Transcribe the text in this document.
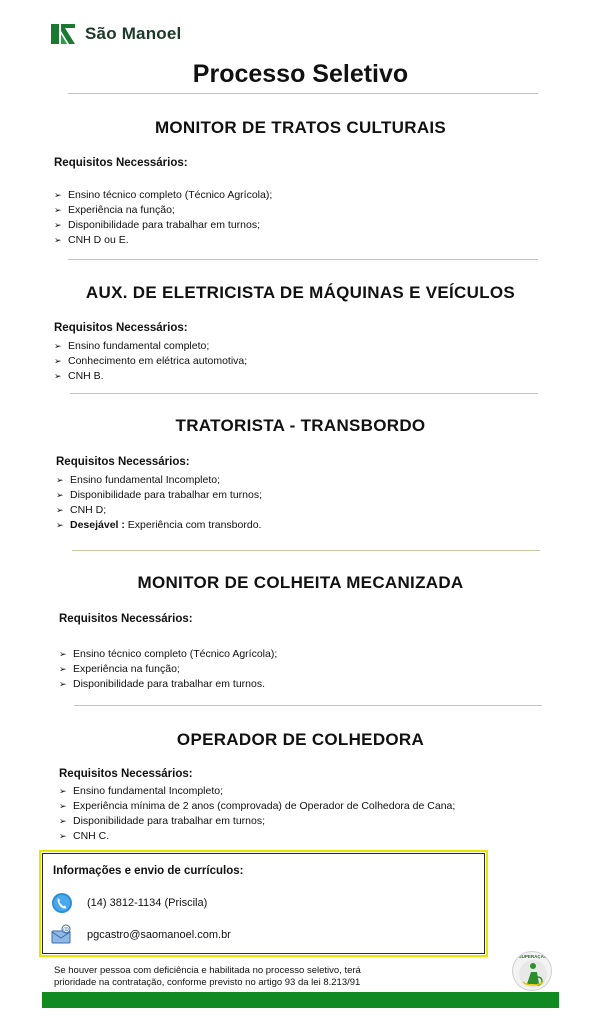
São Manoel
Processo Seletivo
MONITOR DE TRATOS CULTURAIS
Requisitos Necessários:
➢ Ensino técnico completo (Técnico Agrícola);
➢ Experiência na função;
➢ Disponibilidade para trabalhar em turnos;
➢ CNH D ou E.
AUX. DE ELETRICISTA DE MÁQUINAS E VEÍCULOS
Requisitos Necessários:
➢ Ensino fundamental completo;
➢ Conhecimento em elétrica automotiva;
➢ CNH B.
TRATORISTA - TRANSBORDO
Requisitos Necessários:
➢ Ensino fundamental Incompleto;
➢ Disponibilidade para trabalhar em turnos;
➢ CNH D;
➢ Desejável : Experiência com transbordo.
MONITOR DE COLHEITA MECANIZADA
Requisitos Necessários:
➢ Ensino técnico completo (Técnico Agrícola);
➢ Experiência na função;
➢ Disponibilidade para trabalhar em turnos.
OPERADOR DE COLHEDORA
Requisitos Necessários:
➢ Ensino fundamental Incompleto;
➢ Experiência mínima de 2 anos (comprovada) de Operador de Colhedora de Cana;
➢ Disponibilidade para trabalhar em turnos;
➢ CNH C.
Informações e envio de currículos:
(14) 3812-1134 (Priscila)
@ pgcastro@saomanoel.com.br
Se houver pessoa com deficiência e habilitada no processo seletivo, terá
prioridade na contratação, conforme previsto no artigo 93 da lei 8.213/91
SUPERAÇÃO
